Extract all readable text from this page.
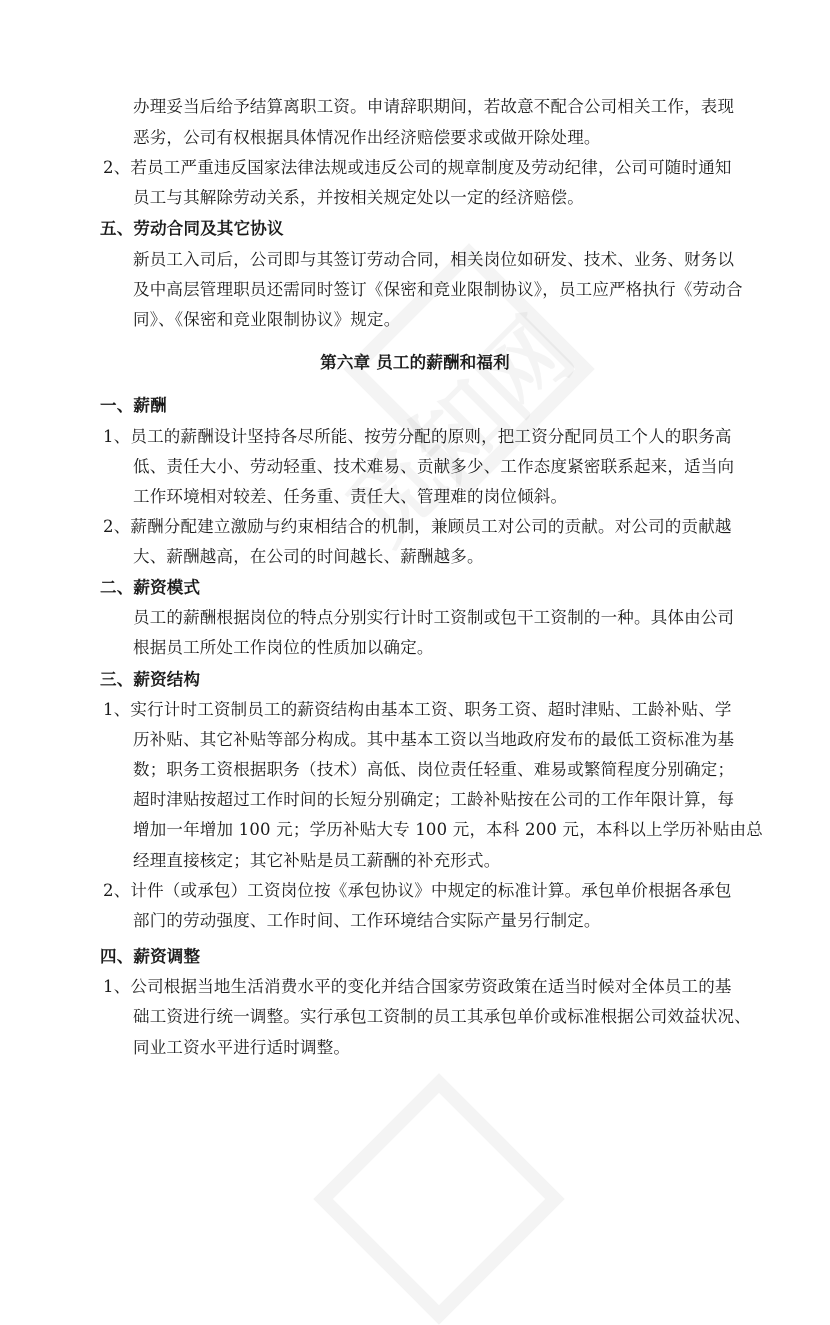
办理妥当后给予结算离职工资。申请辞职期间，若故意不配合公司相关工作，表现
恶劣，公司有权根据具体情况作出经济赔偿要求或做开除处理。
2、若员工严重违反国家法律法规或违反公司的规章制度及劳动纪律，公司可随时通知
员工与其解除劳动关系，并按相关规定处以一定的经济赔偿。
五、劳动合同及其它协议
新员工入司后，公司即与其签订劳动合同，相关岗位如研发、技术、业务、财务以
及中高层管理职员还需同时签订《保密和竞业限制协议》，员工应严格执行《劳动合
同》、《保密和竞业限制协议》规定。
第六章 员工的薪酬和福利
一、薪酬
1、员工的薪酬设计坚持各尽所能、按劳分配的原则，把工资分配同员工个人的职务高
低、责任大小、劳动轻重、技术难易、贡献多少、工作态度紧密联系起来，适当向
工作环境相对较差、任务重、责任大、管理难的岗位倾斜。
2、薪酬分配建立激励与约束相结合的机制，兼顾员工对公司的贡献。对公司的贡献越
大、薪酬越高，在公司的时间越长、薪酬越多。
二、薪资模式
员工的薪酬根据岗位的特点分别实行计时工资制或包干工资制的一种。具体由公司
根据员工所处工作岗位的性质加以确定。
三、薪资结构
1、实行计时工资制员工的薪资结构由基本工资、职务工资、超时津贴、工龄补贴、学
历补贴、其它补贴等部分构成。其中基本工资以当地政府发布的最低工资标准为基
数；职务工资根据职务（技术）高低、岗位责任轻重、难易或繁简程度分别确定；
超时津贴按超过工作时间的长短分别确定；工龄补贴按在公司的工作年限计算，每
增加一年增加 100 元；学历补贴大专 100 元，本科 200 元，本科以上学历补贴由总
经理直接核定；其它补贴是员工薪酬的补充形式。
2、计件（或承包）工资岗位按《承包协议》中规定的标准计算。承包单价根据各承包
部门的劳动强度、工作时间、工作环境结合实际产量另行制定。
四、薪资调整
1、公司根据当地生活消费水平的变化并结合国家劳资政策在适当时候对全体员工的基
础工资进行统一调整。实行承包工资制的员工其承包单价或标准根据公司效益状况、
同业工资水平进行适时调整。
